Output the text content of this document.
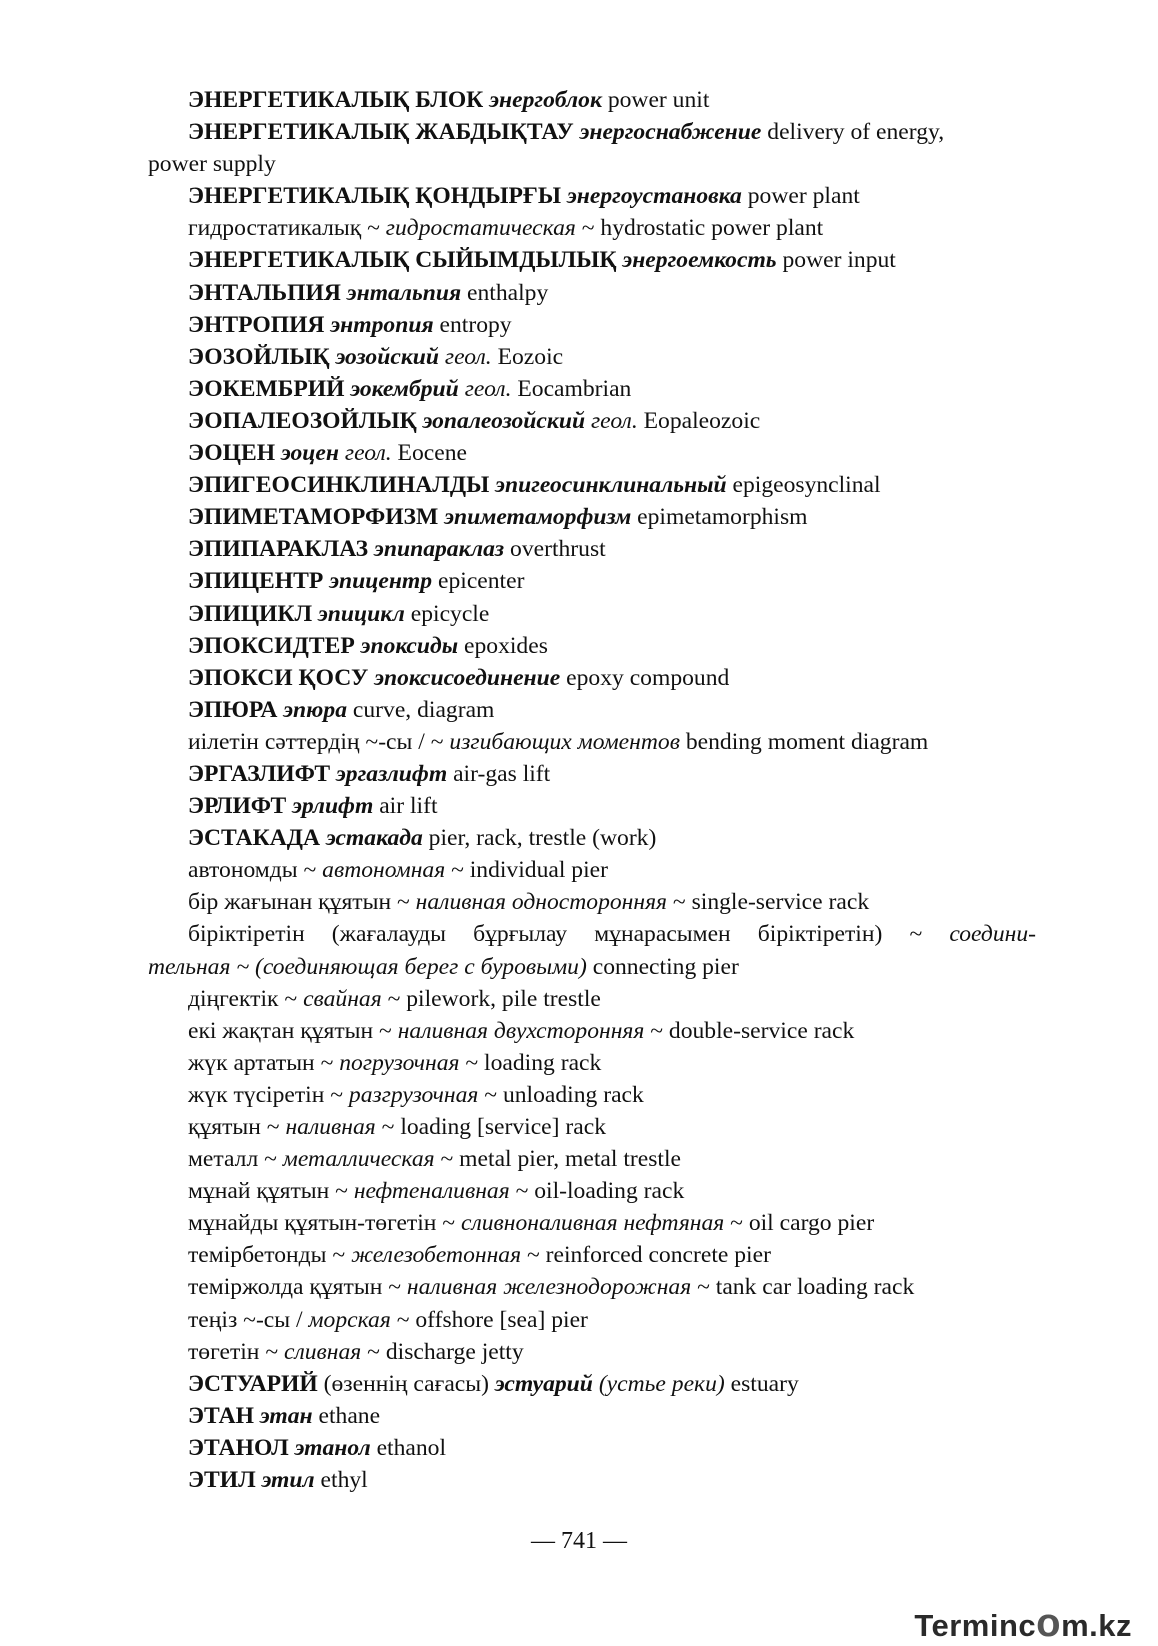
ЭНЕРГЕТИКАЛЫҚ БЛОК энергоблок power unit
ЭНЕРГЕТИКАЛЫҚ ЖАБДЫҚТАУ энергоснабжение delivery of energy,
power supply
ЭНЕРГЕТИКАЛЫҚ ҚОНДЫРҒЫ энергоустановка power plant
гидростатикалық ~ гидростатическая ~ hydrostatic power plant
ЭНЕРГЕТИКАЛЫҚ СЫЙЫМДЫЛЫҚ энергоемкость power input
ЭНТАЛЬПИЯ энтальпия enthalpy
ЭНТРОПИЯ энтропия entropy
ЭОЗОЙЛЫҚ эозойский геол. Eozoic
ЭОКЕМБРИЙ эокембрий геол. Eocambrian
ЭОПАЛЕОЗОЙЛЫҚ эопалеозойский геол. Eopaleozoic
ЭОЦЕН эоцен геол. Eocene
ЭПИГЕОСИНКЛИНАЛДЫ эпигеосинклинальный epigeosynclinal
ЭПИМЕТАМОРФИЗМ эпиметаморфизм epimetamorphism
ЭПИПАРАКЛАЗ эпипараклаз overthrust
ЭПИЦЕНТР эпицентр epicenter
ЭПИЦИКЛ эпицикл epicycle
ЭПОКСИДТЕР эпоксиды epoxides
ЭПОКСИ ҚОСУ эпоксисоединение epoxy compound
ЭПЮРА эпюра curve, diagram
иілетін сәттердің ~-сы / ~ изгибающих моментов bending moment diagram
ЭРГАЗЛИФТ эргазлифт air-gas lift
ЭРЛИФТ эрлифт air lift
ЭСТАКАДА эстакада pier, rack, trestle (work)
автономды ~ автономная ~ individual pier
бір жағынан құятын ~ наливная односторонняя ~ single-service rack
біріктіретін (жағалауды бұрғылау мұнарасымен біріктіретін) ~ соедини-
тельная ~ (соединяющая берег с буровыми) connecting pier
діңгектік ~ свайная ~ pilework, pile trestle
екі жақтан құятын ~ наливная двухсторонняя ~ double-service rack
жүк артатын ~ погрузочная ~ loading rack
жүк түсіретін ~ разгрузочная ~ unloading rack
құятын ~ наливная ~ loading [service] rack
металл ~ металлическая ~ metal pier, metal trestle
мұнай құятын ~ нефтеналивная ~ oil-loading rack
мұнайды құятын-төгетін ~ сливноналивная нефтяная ~ oil cargo pier
темірбетонды ~ железобетонная ~ reinforced concrete pier
теміржолда құятын ~ наливная железнодорожная ~ tank car loading rack
теңіз ~-сы / морская ~ offshore [sea] pier
төгетін ~ сливная ~ discharge jetty
ЭСТУАРИЙ (өзеннің сағасы) эстуарий (устье реки) estuary
ЭТАН этан ethane
ЭТАНОЛ этанол ethanol
ЭТИЛ этил ethyl
— 741 —
Termincom.kz
